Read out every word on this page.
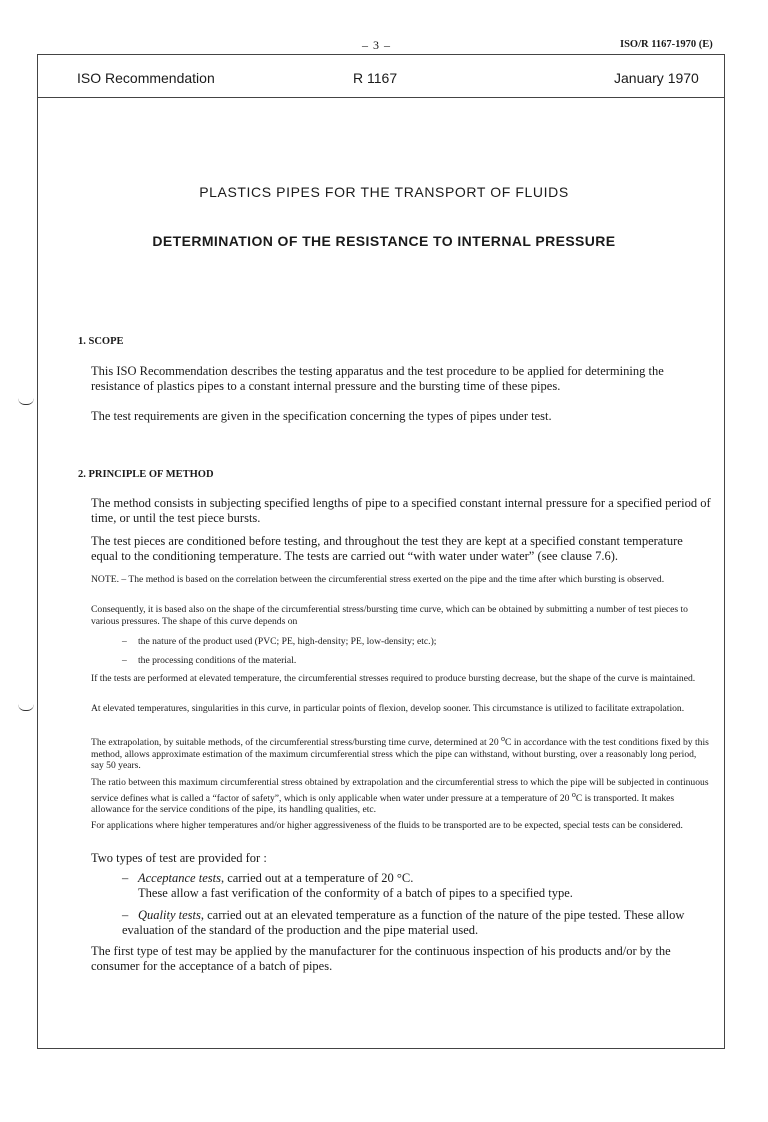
– 3 –	ISO/R 1167-1970 (E)
ISO Recommendation	R 1167	January 1970
PLASTICS PIPES FOR THE TRANSPORT OF FLUIDS
DETERMINATION OF THE RESISTANCE TO INTERNAL PRESSURE
1. SCOPE
This ISO Recommendation describes the testing apparatus and the test procedure to be applied for determining the resistance of plastics pipes to a constant internal pressure and the bursting time of these pipes.
The test requirements are given in the specification concerning the types of pipes under test.
2. PRINCIPLE OF METHOD
The method consists in subjecting specified lengths of pipe to a specified constant internal pressure for a specified period of time, or until the test piece bursts.
The test pieces are conditioned before testing, and throughout the test they are kept at a specified constant temperature equal to the conditioning temperature. The tests are carried out “with water under water” (see clause 7.6).
NOTE. – The method is based on the correlation between the circumferential stress exerted on the pipe and the time after which bursting is observed.
Consequently, it is based also on the shape of the circumferential stress/bursting time curve, which can be obtained by submitting a number of test pieces to various pressures. The shape of this curve depends on
– the nature of the product used (PVC; PE, high-density; PE, low-density; etc.);
– the processing conditions of the material.
If the tests are performed at elevated temperature, the circumferential stresses required to produce bursting decrease, but the shape of the curve is maintained.
At elevated temperatures, singularities in this curve, in particular points of flexion, develop sooner. This circumstance is utilized to facilitate extrapolation.
The extrapolation, by suitable methods, of the circumferential stress/bursting time curve, determined at 20 $^o$C in accordance with the test conditions fixed by this method, allows approximate estimation of the maximum circumferential stress which the pipe can withstand, without bursting, over a reasonably long period, say 50 years.
The ratio between this maximum circumferential stress obtained by extrapolation and the circumferential stress to which the pipe will be subjected in continuous service defines what is called a “factor of safety”, which is only applicable when water under pressure at a temperature of 20 $^o$C is transported. It makes allowance for the service conditions of the pipe, its handling qualities, etc.
For applications where higher temperatures and/or higher aggressiveness of the fluids to be transported are to be expected, special tests can be considered.
Two types of test are provided for :
– Acceptance tests, carried out at a temperature of 20 °C.
These allow a fast verification of the conformity of a batch of pipes to a specified type.
– Quality tests, carried out at an elevated temperature as a function of the nature of the pipe tested. These allow evaluation of the standard of the production and the pipe material used.
The first type of test may be applied by the manufacturer for the continuous inspection of his products and/or by the consumer for the acceptance of a batch of pipes.
